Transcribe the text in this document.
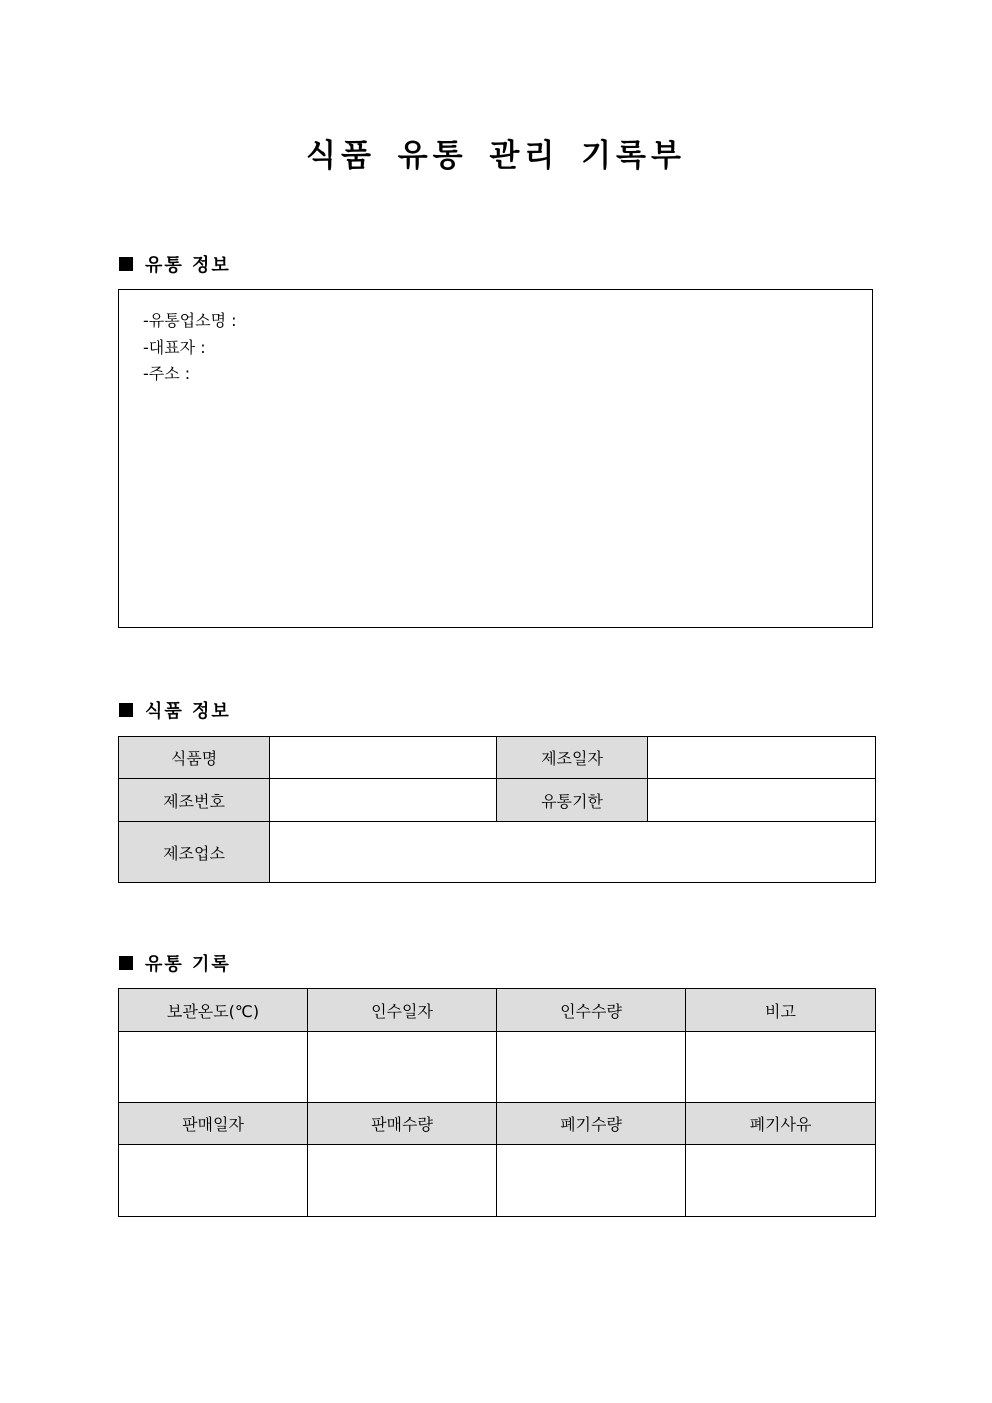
식품 유통 관리 기록부
유통 정보
-유통업소명 :
-대표자 :
-주소 :
식품 정보
식품명		제조일자	
제조번호		유통기한	
제조업소			
유통 기록
보관온도(℃)	인수일자	인수수량	비고

판매일자	판매수량	폐기수량	폐기사유
